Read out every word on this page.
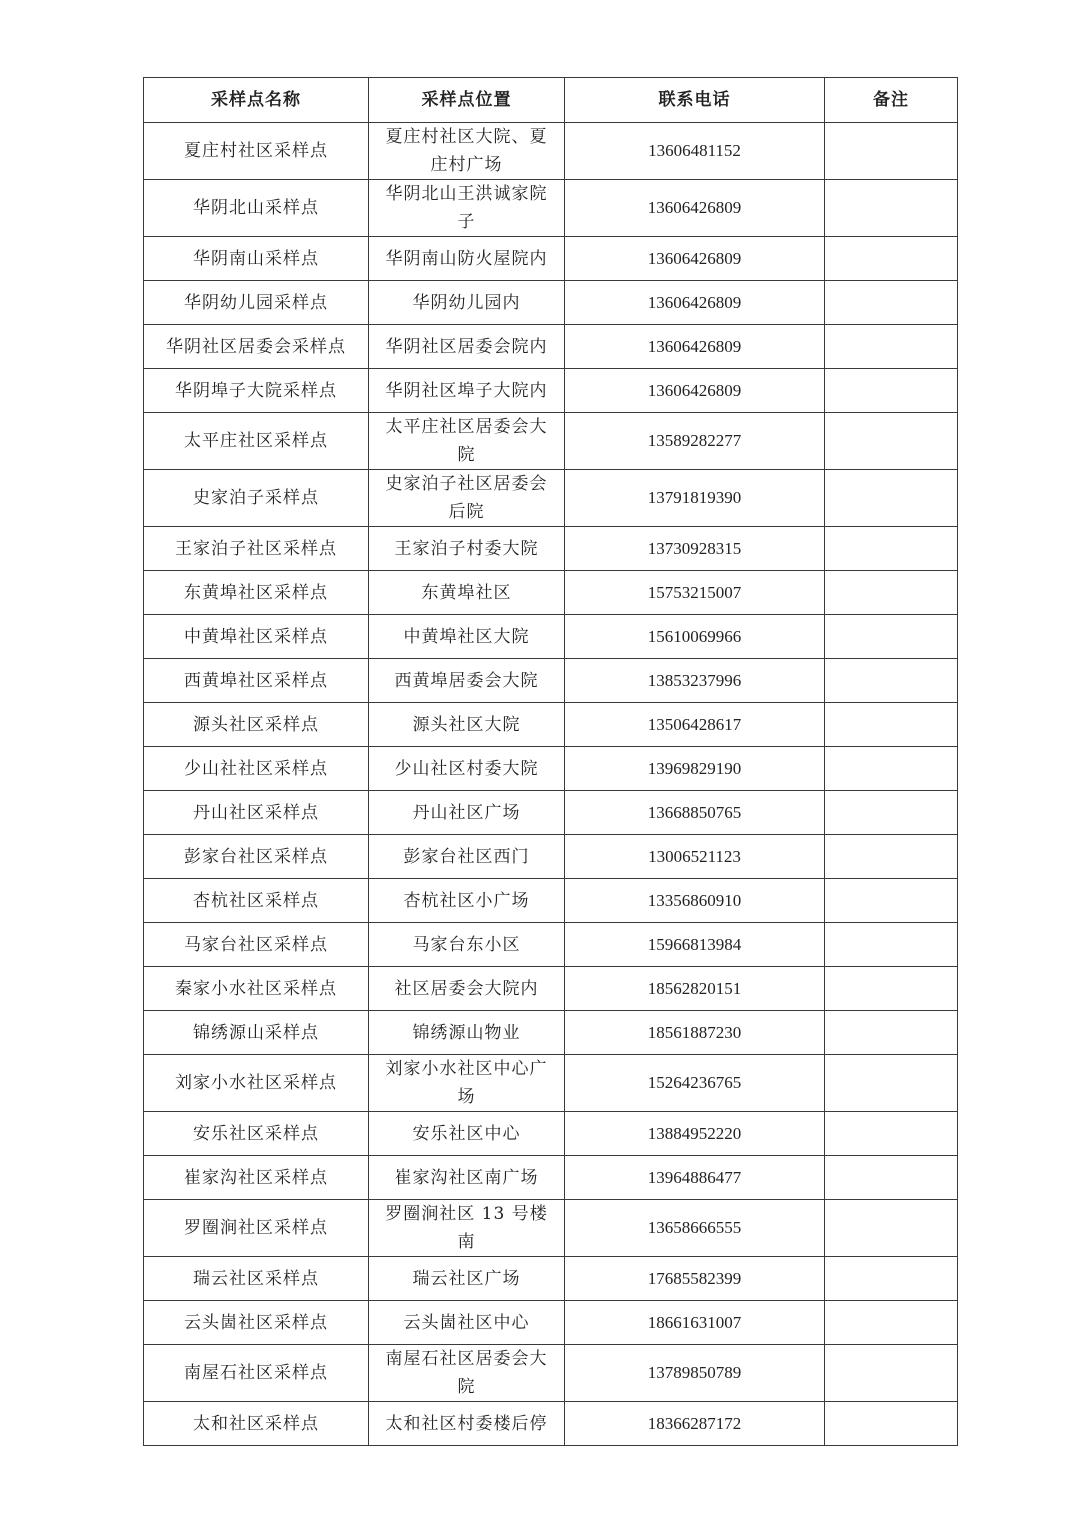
采样点名称	采样点位置	联系电话	备注
夏庄村社区采样点	夏庄村社区大院、夏庄村广场	13606481152	
华阴北山采样点	华阴北山王洪诚家院子	13606426809	
华阴南山采样点	华阴南山防火屋院内	13606426809	
华阴幼儿园采样点	华阴幼儿园内	13606426809	
华阴社区居委会采样点	华阴社区居委会院内	13606426809	
华阴埠子大院采样点	华阴社区埠子大院内	13606426809	
太平庄社区采样点	太平庄社区居委会大院	13589282277	
史家泊子采样点	史家泊子社区居委会后院	13791819390	
王家泊子社区采样点	王家泊子村委大院	13730928315	
东黄埠社区采样点	东黄埠社区	15753215007	
中黄埠社区采样点	中黄埠社区大院	15610069966	
西黄埠社区采样点	西黄埠居委会大院	13853237996	
源头社区采样点	源头社区大院	13506428617	
少山社社区采样点	少山社区村委大院	13969829190	
丹山社区采样点	丹山社区广场	13668850765	
彭家台社区采样点	彭家台社区西门	13006521123	
杏杭社区采样点	杏杭社区小广场	13356860910	
马家台社区采样点	马家台东小区	15966813984	
秦家小水社区采样点	社区居委会大院内	18562820151	
锦绣源山采样点	锦绣源山物业	18561887230	
刘家小水社区采样点	刘家小水社区中心广场	15264236765	
安乐社区采样点	安乐社区中心	13884952220	
崔家沟社区采样点	崔家沟社区南广场	13964886477	
罗圈涧社区采样点	罗圈涧社区 13 号楼南	13658666555	
瑞云社区采样点	瑞云社区广场	17685582399	
云头崮社区采样点	云头崮社区中心	18661631007	
南屋石社区采样点	南屋石社区居委会大院	13789850789	
太和社区采样点	太和社区村委楼后停	18366287172	
